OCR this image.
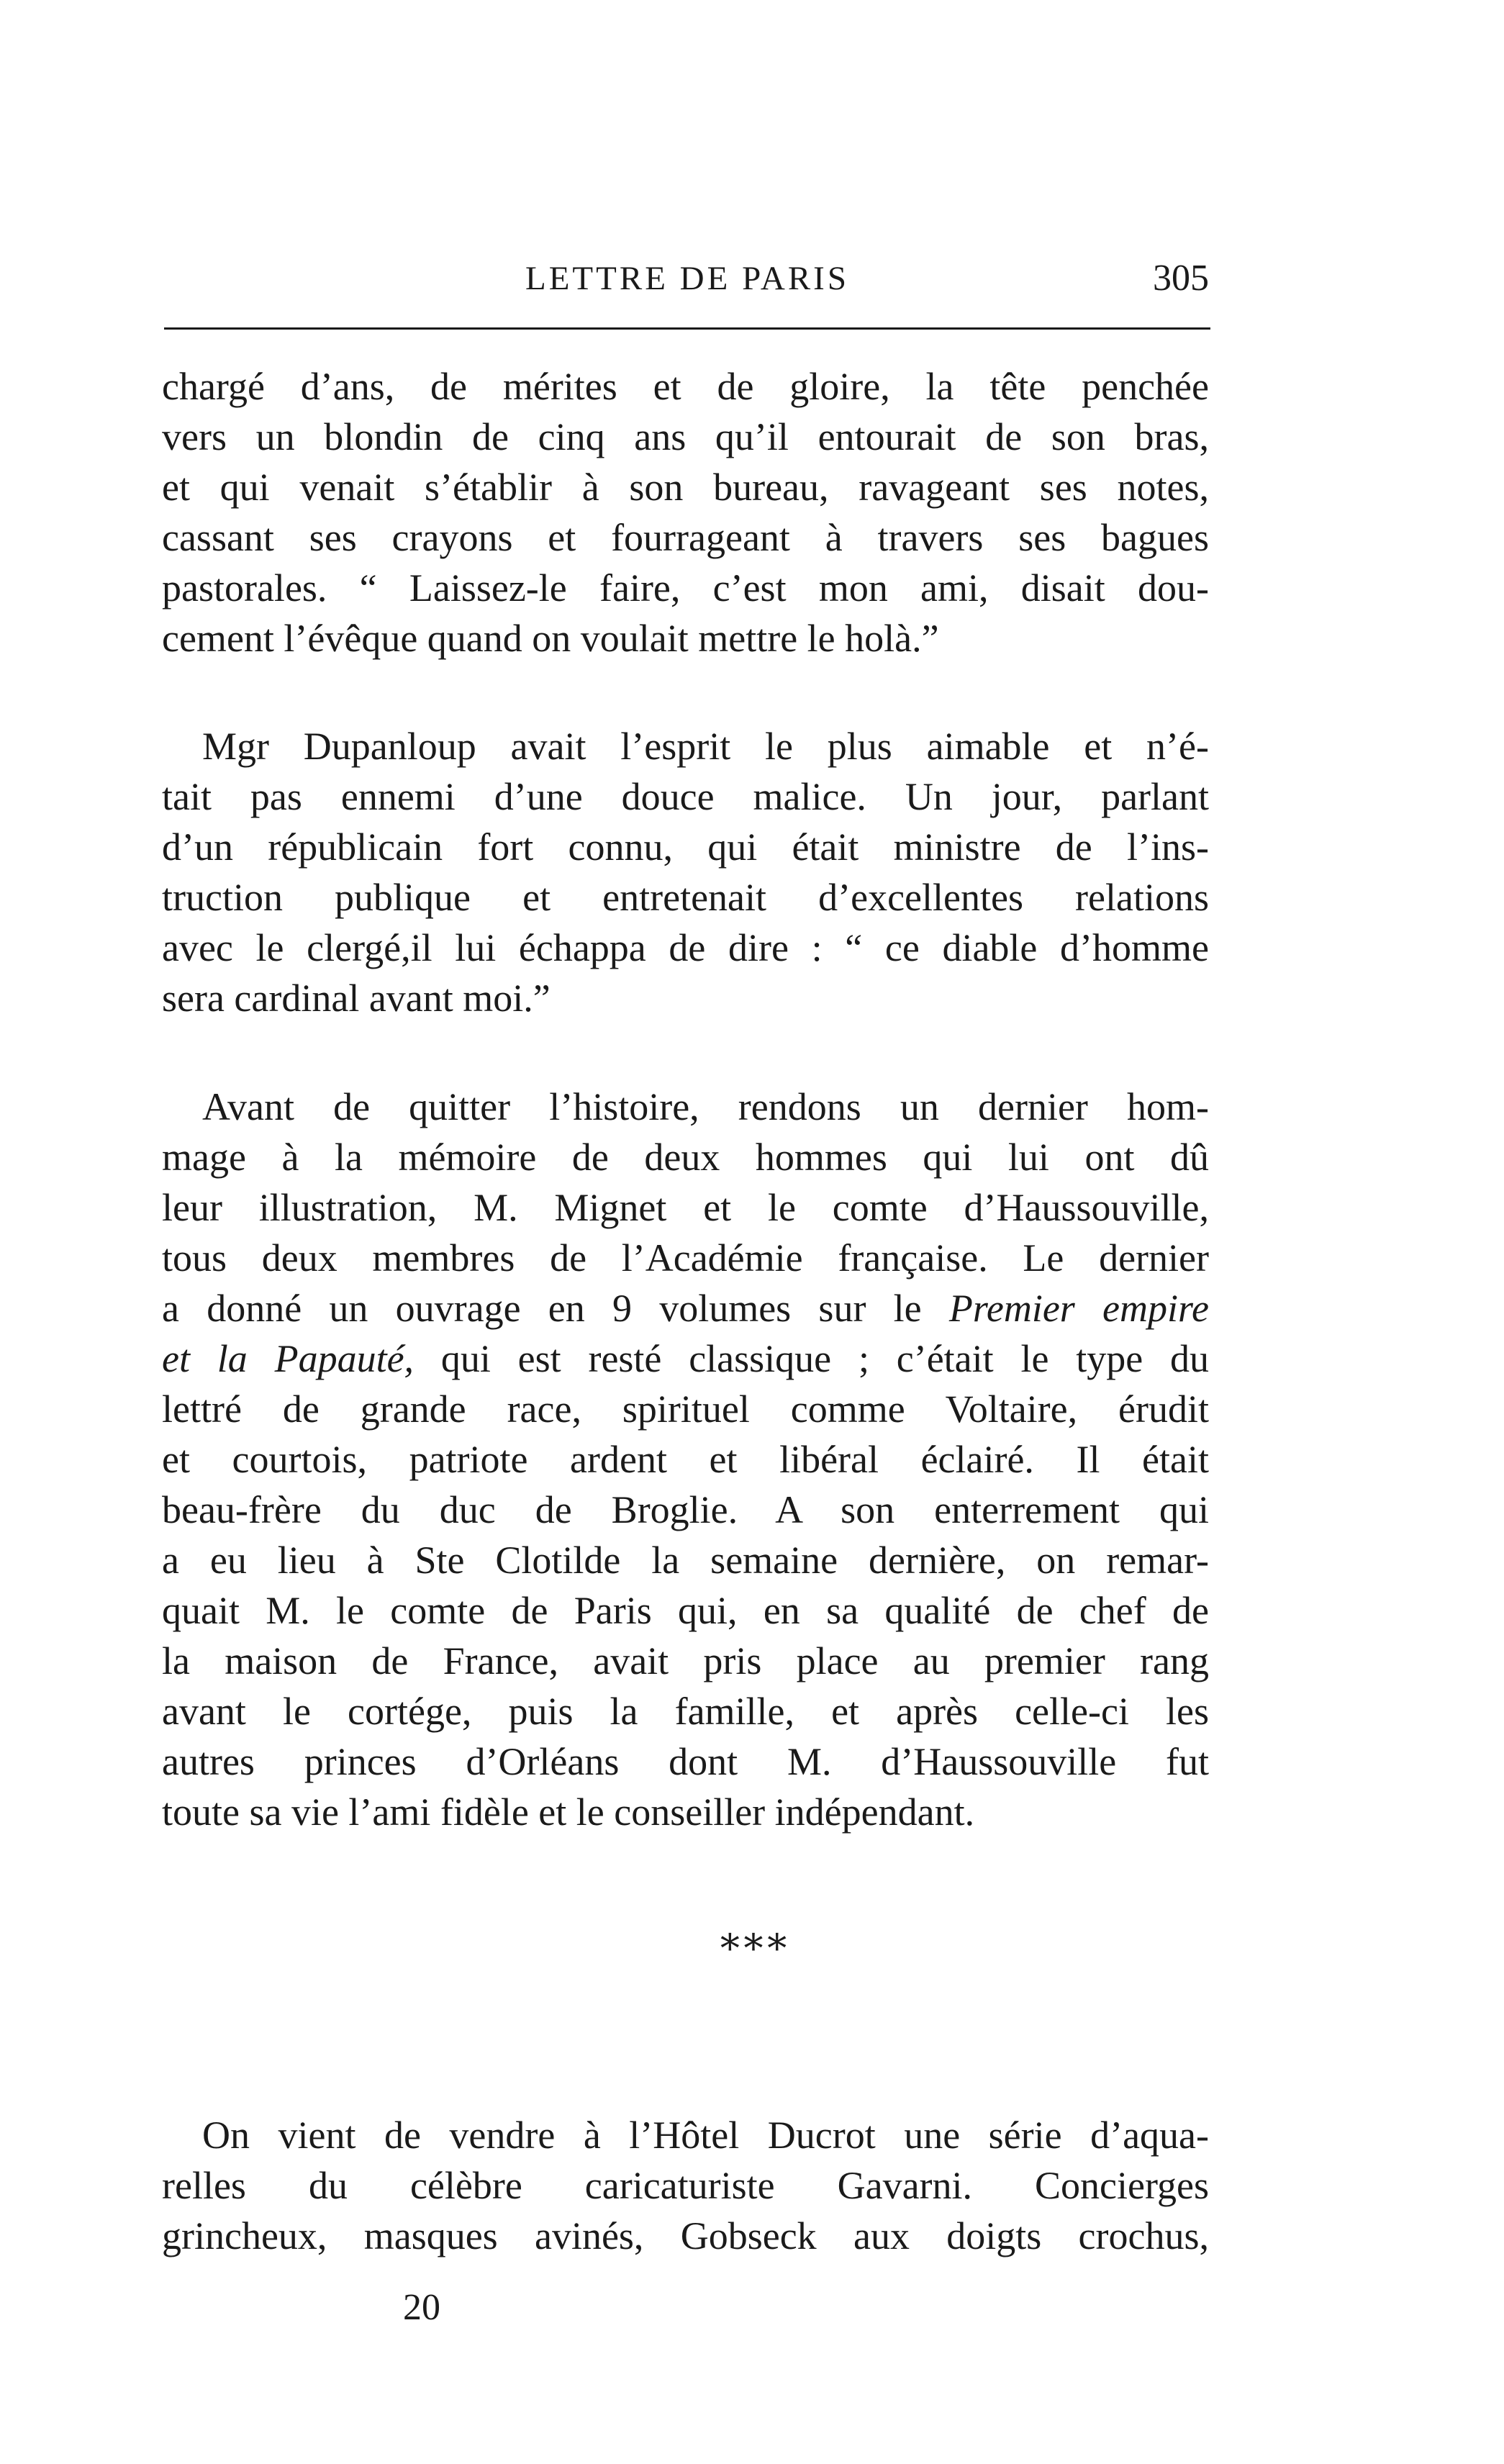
LETTRE DE PARIS	305
chargé d’ans, de mérites et de gloire, la tête penchée
vers un blondin de cinq ans qu’il entourait de son bras,
et qui venait s’établir à son bureau, ravageant ses notes,
cassant ses crayons et fourrageant à travers ses bagues
pastorales. “ Laissez-le faire, c’est mon ami, disait dou-
cement l’évêque quand on voulait mettre le holà.”
Mgr Dupanloup avait l’esprit le plus aimable et n’é-
tait pas ennemi d’une douce malice. Un jour, parlant
d’un républicain fort connu, qui était ministre de l’ins-
truction publique et entretenait d’excellentes relations
avec le clergé,il lui échappa de dire : “ ce diable d’homme
sera cardinal avant moi.”
Avant de quitter l’histoire, rendons un dernier hom-
mage à la mémoire de deux hommes qui lui ont dû
leur illustration, M. Mignet et le comte d’Haussouville,
tous deux membres de l’Académie française. Le dernier
a donné un ouvrage en 9 volumes sur le Premier empire
et la Papauté, qui est resté classique ; c’était le type du
lettré de grande race, spirituel comme Voltaire, érudit
et courtois, patriote ardent et libéral éclairé. Il était
beau-frère du duc de Broglie. A son enterrement qui
a eu lieu à Ste Clotilde la semaine dernière, on remar-
quait M. le comte de Paris qui, en sa qualité de chef de
la maison de France, avait pris place au premier rang
avant le cortége, puis la famille, et après celle-ci les
autres princes d’Orléans dont M. d’Haussouville fut
toute sa vie l’ami fidèle et le conseiller indépendant.
∗∗∗
On vient de vendre à l’Hôtel Ducrot une série d’aqua-
relles du célèbre caricaturiste Gavarni. Concierges
grincheux, masques avinés, Gobseck aux doigts crochus,
20
